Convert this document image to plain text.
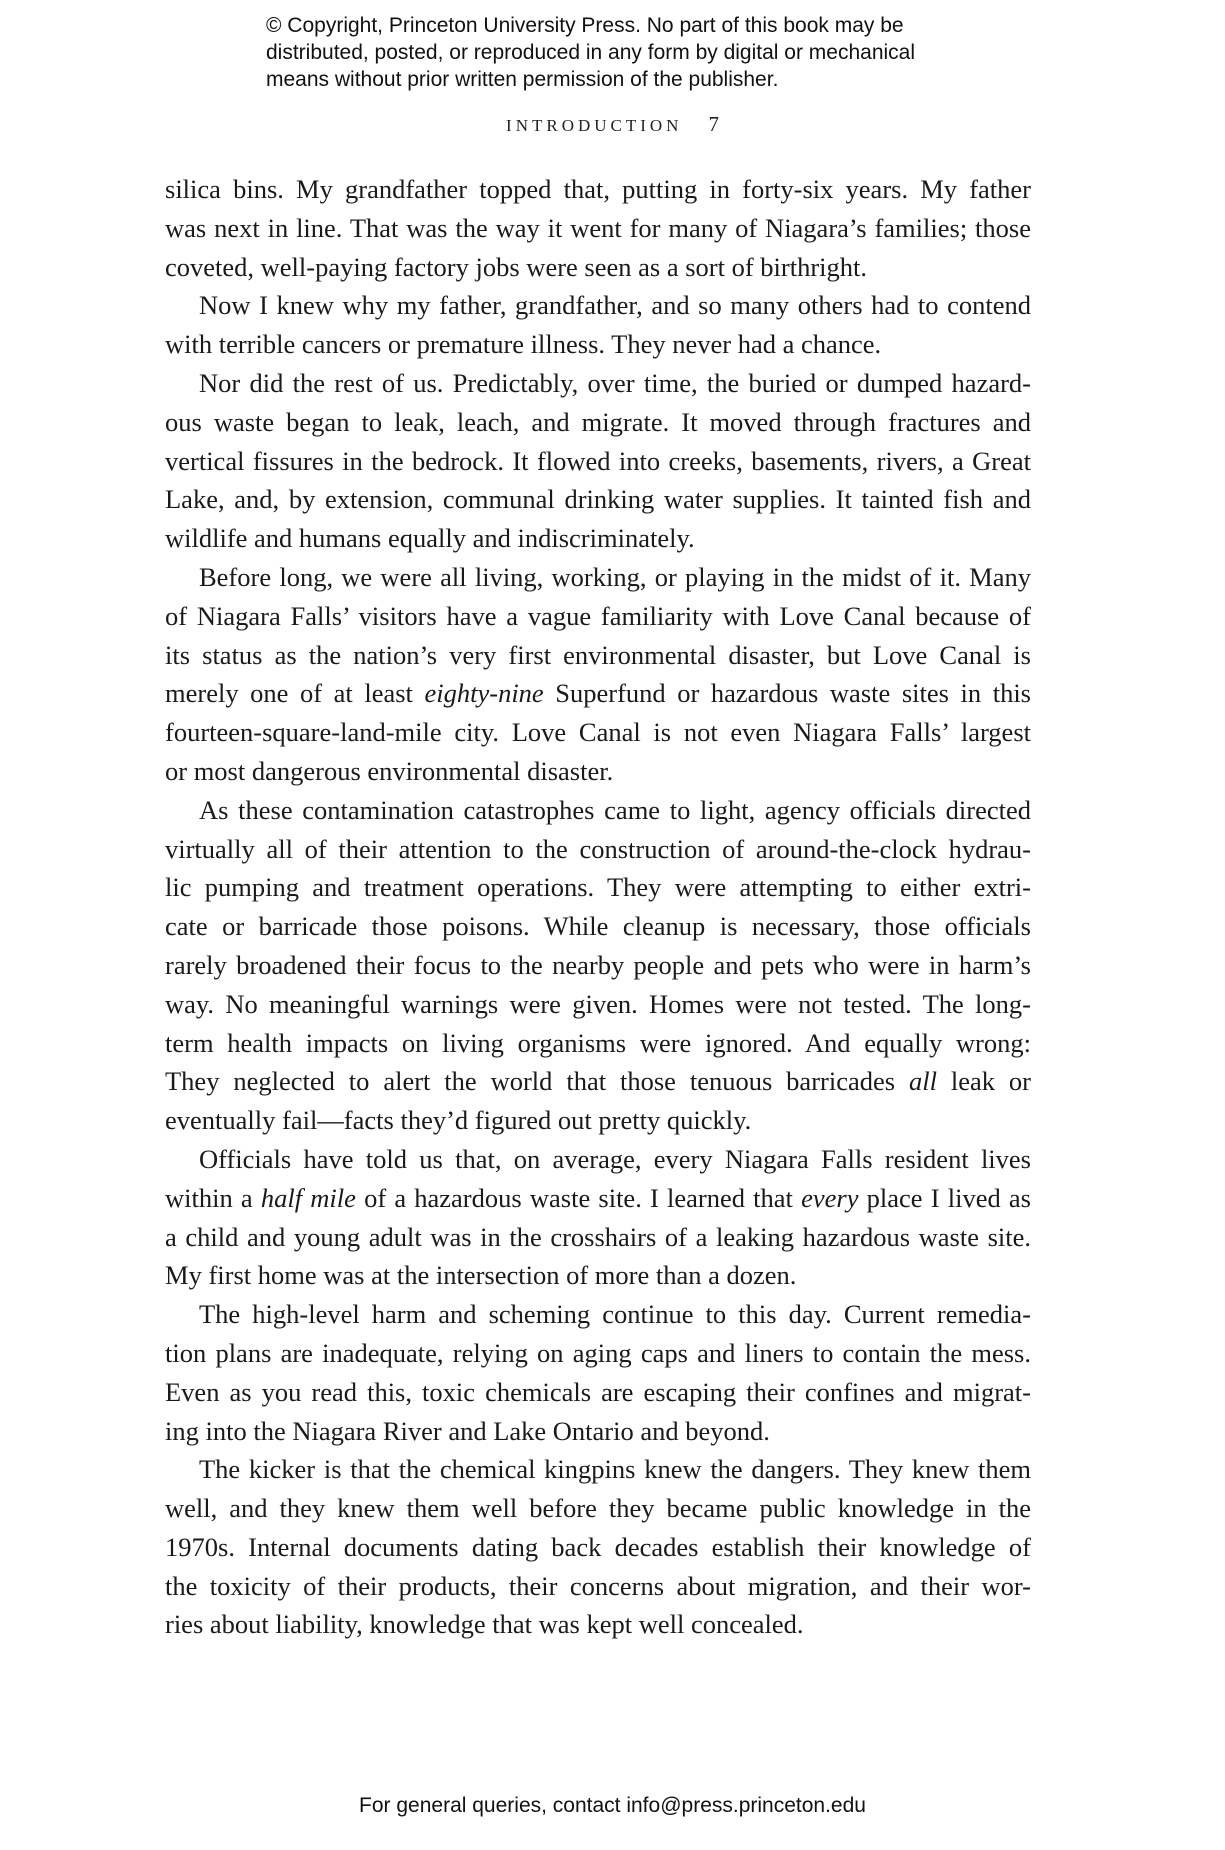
© Copyright, Princeton University Press. No part of this book may be
distributed, posted, or reproduced in any form by digital or mechanical
means without prior written permission of the publisher.
INTRODUCTION 7

silica bins. My grandfather topped that, putting in forty-six years. My father

was next in line. That was the way it went for many of Niagara’s families; those

coveted, well-paying factory jobs were seen as a sort of birthright.

Now I knew why my father, grandfather, and so many others had to contend

with terrible cancers or premature illness. They never had a chance.

Nor did the rest of us. Predictably, over time, the buried or dumped hazard-

ous waste began to leak, leach, and migrate. It moved through fractures and

vertical fissures in the bedrock. It flowed into creeks, basements, rivers, a Great

Lake, and, by extension, communal drinking water supplies. It tainted fish and

wildlife and humans equally and indiscriminately.

Before long, we were all living, working, or playing in the midst of it. Many

of Niagara Falls’ visitors have a vague familiarity with Love Canal because of

its status as the nation’s very first environmental disaster, but Love Canal is

merely one of at least eighty-nine Superfund or hazardous waste sites in this

fourteen-square-land-mile city. Love Canal is not even Niagara Falls’ largest

or most dangerous environmental disaster.

As these contamination catastrophes came to light, agency officials directed

virtually all of their attention to the construction of around-the-clock hydrau-

lic pumping and treatment operations. They were attempting to either extri-

cate or barricade those poisons. While cleanup is necessary, those officials

rarely broadened their focus to the nearby people and pets who were in harm’s

way. No meaningful warnings were given. Homes were not tested. The long-

term health impacts on living organisms were ignored. And equally wrong:

They neglected to alert the world that those tenuous barricades all leak or

eventually fail—facts they’d figured out pretty quickly.

Officials have told us that, on average, every Niagara Falls resident lives

within a half mile of a hazardous waste site. I learned that every place I lived as

a child and young adult was in the crosshairs of a leaking hazardous waste site.

My first home was at the intersection of more than a dozen.

The high-level harm and scheming continue to this day. Current remedia-

tion plans are inadequate, relying on aging caps and liners to contain the mess.

Even as you read this, toxic chemicals are escaping their confines and migrat-

ing into the Niagara River and Lake Ontario and beyond.

The kicker is that the chemical kingpins knew the dangers. They knew them

well, and they knew them well before they became public knowledge in the

1970s. Internal documents dating back decades establish their knowledge of

the toxicity of their products, their concerns about migration, and their wor-

ries about liability, knowledge that was kept well concealed.

For general queries, contact info@press.princeton.edu
